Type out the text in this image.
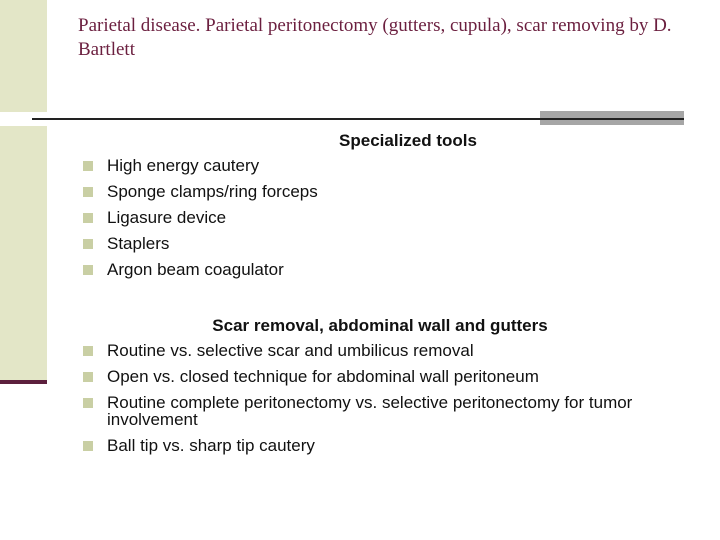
Parietal disease. Parietal peritonectomy (gutters, cupula), scar removing by D. Bartlett
Specialized tools
High energy cautery
Sponge clamps/ring forceps
Ligasure device
Staplers
Argon beam coagulator
Scar removal, abdominal wall and gutters
Routine vs. selective scar and umbilicus removal
Open vs. closed technique for abdominal wall peritoneum
Routine complete peritonectomy vs. selective peritonectomy for tumor involvement
Ball tip vs. sharp tip cautery
